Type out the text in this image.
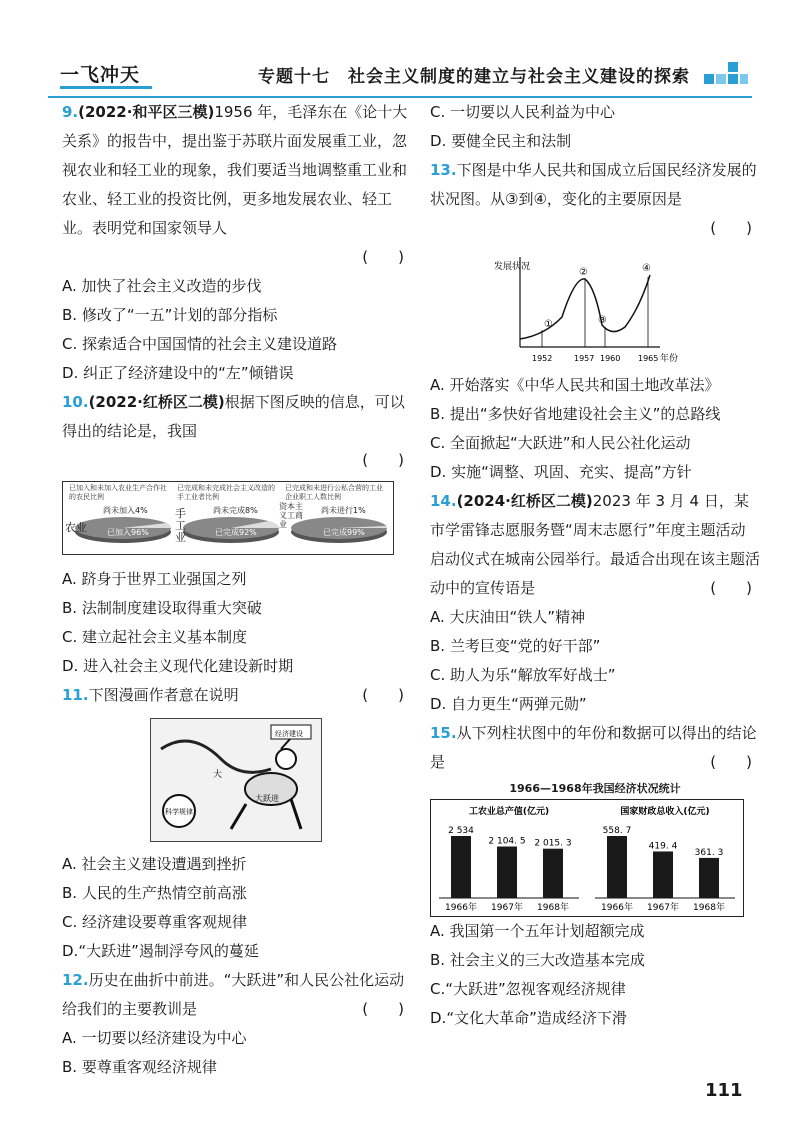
一飞冲天	专题十七　社会主义制度的建立与社会主义建设的探索
9.(2022·和平区三模)1956 年，毛泽东在《论十大关系》的报告中，提出鉴于苏联片面发展重工业，忽视农业和轻工业的现象，我们要适当地调整重工业和农业、轻工业的投资比例，更多地发展农业、轻工业。表明党和国家领导人
(　　)
A. 加快了社会主义改造的步伐
B. 修改了“一五”计划的部分指标
C. 探索适合中国国情的社会主义建设道路
D. 纠正了经济建设中的“左”倾错误
10.(2022·红桥区二模)根据下图反映的信息，可以得出的结论是，我国
(　　)
已加入和未加入农业生产合作社的农民比例
已完成和未完成社会主义改造的手工业者比例
已完成和未进行公私合营的工业企业职工人数比例
尚未加入4%	尚未完成8%	尚未进行1%
已加入96%	已完成92%	已完成99%
农业
手工业
资本主义工商业
A. 跻身于世界工业强国之列
B. 法制制度建设取得重大突破
C. 建立起社会主义基本制度
D. 进入社会主义现代化建设新时期
11.下图漫画作者意在说明	(　　)
经济建设
大跃进
科学规律
大
A. 社会主义建设遭遇到挫折
B. 人民的生产热情空前高涨
C. 经济建设要尊重客观规律
D.“大跃进”遏制浮夸风的蔓延
12.历史在曲折中前进。“大跃进”和人民公社化运动给我们的主要教训是	(　　)
A. 一切要以经济建设为中心
B. 要尊重客观经济规律
C. 一切要以人民利益为中心
D. 要健全民主和法制
13.下图是中华人民共和国成立后国民经济发展的状况图。从③到④，变化的主要原因是
(　　)
发展状况
年份
1952	1957 1960 1965
①
②
③
④
A. 开始落实《中华人民共和国土地改革法》
B. 提出“多快好省地建设社会主义”的总路线
C. 全面掀起“大跃进”和人民公社化运动
D. 实施“调整、巩固、充实、提高”方针
14.(2024·红桥区二模)2023 年 3 月 4 日，某市学雷锋志愿服务暨“周末志愿行”年度主题活动启动仪式在城南公园举行。最适合出现在该主题活动中的宣传语是	(　　)
A. 大庆油田“铁人”精神
B. 兰考巨变“党的好干部”
C. 助人为乐“解放军好战士”
D. 自力更生“两弹元勋”
15.从下列柱状图中的年份和数据可以得出的结论是	(　　)
1966—1968年我国经济状况统计
工农业总产值(亿元)
2 534
1966年
2 104. 5
1967年
2 015. 3
1968年
国家财政总收入(亿元)
558. 7
1966年
419. 4
1967年
361. 3
1968年
A. 我国第一个五年计划超额完成
B. 社会主义的三大改造基本完成
C.“大跃进”忽视客观经济规律
D.“文化大革命”造成经济下滑
111
